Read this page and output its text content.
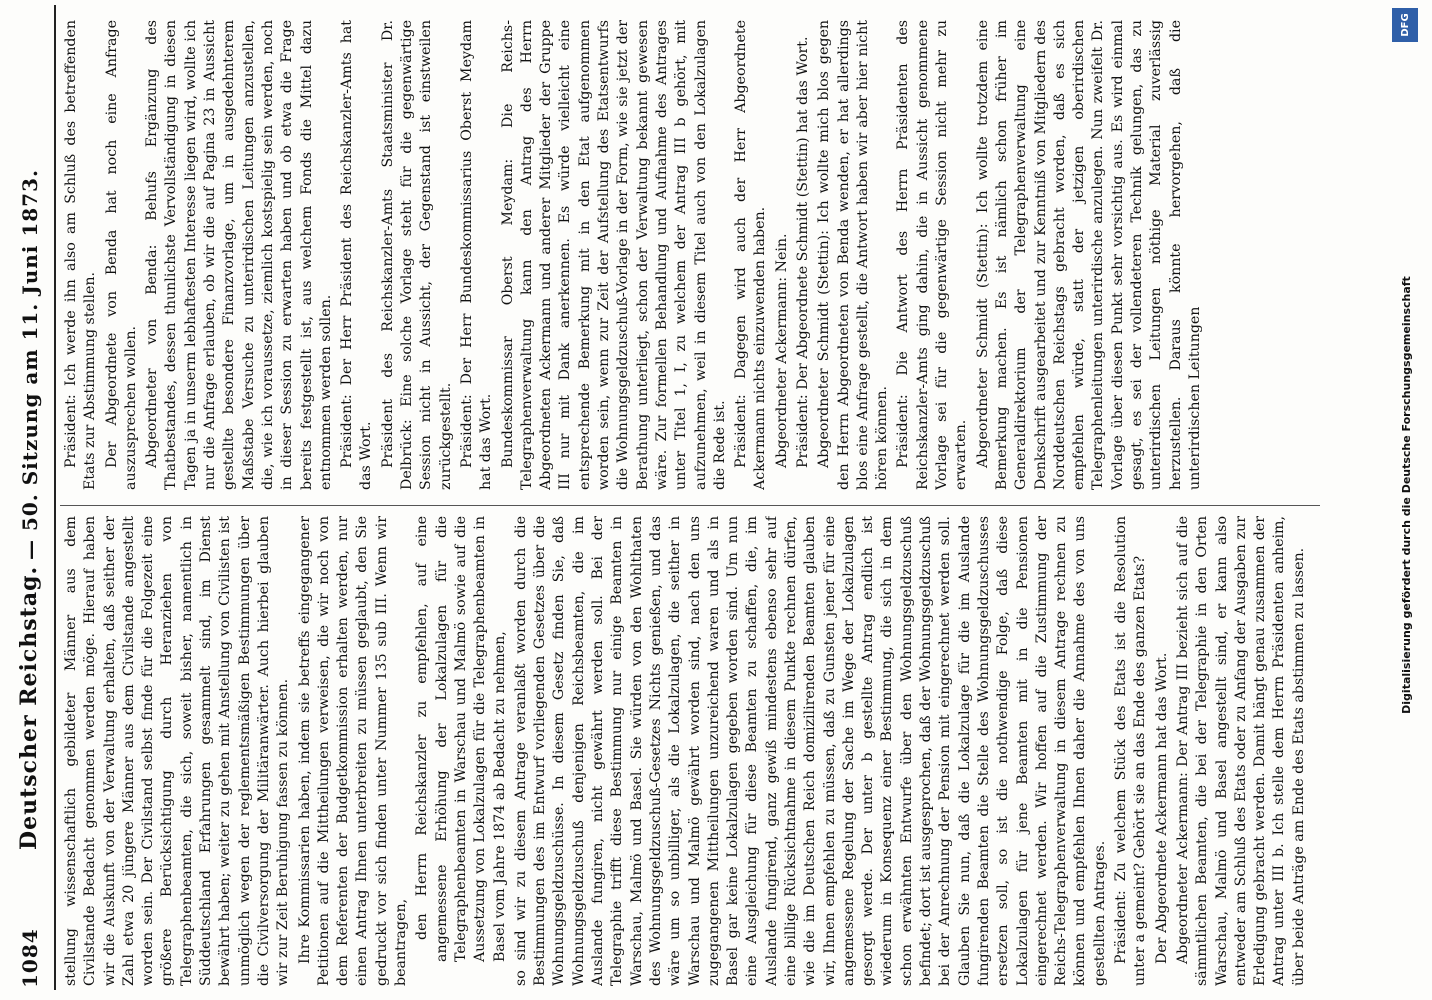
1084
Deutscher Reichstag.
— 50. Sitzung am 11. Juni 1873.

stellung wissenschaftlich gebildeter Männer aus dem Civilstande Bedacht genommen werden möge. Hierauf haben wir die Auskunft von der Verwaltung erhalten, daß seither der Zahl etwa 20 jüngere Männer aus dem Civilstande angestellt worden sein. Der Civilstand selbst finde für die Folgezeit eine größere Berücksichtigung durch Heranziehen von Telegraphenbeamten, die sich, soweit bisher, namentlich in Süddeutschland Erfahrungen gesammelt sind, im Dienst bewährt haben; weiter zu gehen mit Anstellung von Civilisten ist unmöglich wegen der reglementsmäßigen Bestimmungen über die Civilversorgung der Militäranwärter. Auch hierbei glauben wir zur Zeit Beruhigung fassen zu können. Ihre Kommissarien haben, indem sie betreffs eingegangener Petitionen auf die Mittheilungen verweisen, die wir noch von dem Referenten der Budgetkommission erhalten werden, nur einen Antrag Ihnen unterbreiten zu müssen geglaubt, den Sie gedruckt vor sich finden unter Nummer 135 sub III. Wenn wir beantragen,

den Herrn Reichskanzler zu empfehlen, auf eine angemessene Erhöhung der Lokalzulagen für die Telegraphenbeamten in Warschau und Malmö sowie auf die Aussetzung von Lokalzulagen für die Telegraphenbeamten in Basel vom Jahre 1874 ab Bedacht zu nehmen, so sind wir zu diesem Antrage veranlaßt worden durch die Bestimmungen des im Entwurf vorliegenden Gesetzes über die Wohnungsgeldzuschüsse. In diesem Gesetz finden Sie, daß Wohnungsgeldzuschuß denjenigen Reichsbeamten, die im Auslande fungiren, nicht gewährt werden soll. Bei der Telegraphie trifft diese Bestimmung nur einige Beamten in Warschau, Malmö und Basel. Sie würden von den Wohlthaten des Wohnungsgeldzuschuß-Gesetzes Nichts genießen, und das wäre um so unbilliger, als die Lokalzulagen, die seither in Warschau und Malmö gewährt worden sind, nach den uns zugegangenen Mittheilungen unzureichend waren und als in Basel gar keine Lokalzulagen gegeben worden sind. Um nun eine Ausgleichung für diese Beamten zu schaffen, die, im Auslande fungirend, ganz gewiß mindestens ebenso sehr auf eine billige Rücksichtnahme in diesem Punkte rechnen dürfen, wie die im Deutschen Reich domizilirenden Beamten glauben wir, Ihnen empfehlen zu müssen, daß zu Gunsten jener für eine angemessene Regelung der Sache im Wege der Lokalzulagen gesorgt werde. Der unter b gestellte Antrag endlich ist wiederum in Konsequenz einer Bestimmung, die sich in dem schon erwähnten Entwurfe über den Wohnungsgeldzuschuß befindet; dort ist ausgesprochen, daß der Wohnungsgeldzuschuß bei der Anrechnung der Pension mit eingerechnet werden soll. Glauben Sie nun, daß die Lokalzulage für die im Auslande fungirenden Beamten die Stelle des Wohnungsgeldzuschusses ersetzen soll, so ist die nothwendige Folge, daß diese Lokalzulagen für jene Beamten mit in die Pensionen eingerechnet werden. Wir hoffen auf die Zustimmung der Reichs-Telegraphenverwaltung in diesem Antrage rechnen zu können und empfehlen Ihnen daher die Annahme des von uns gestellten Antrages. Präsident: Zu welchem Stück des Etats ist die Resolution unter a gemeint? Gehört sie an das Ende des ganzen Etats? Der Abgeordnete Ackermann hat das Wort. Abgeordneter Ackermann: Der Antrag III bezieht sich auf die sämmtlichen Beamten, die bei der Telegraphie in den Orten Warschau, Malmö und Basel angestellt sind, er kann also entweder am Schluß des Etats oder zu Anfang der Ausgaben zur Erledigung gebracht werden. Damit hängt genau zusammen der Antrag unter III b. Ich stelle dem Herrn Präsidenten anheim, über beide Anträge am Ende des Etats abstimmen zu lassen.

Präsident: Ich werde ihn also am Schluß des betreffenden Etats zur Abstimmung stellen. Der Abgeordnete von Benda hat noch eine Anfrage auszusprechen wollen. Abgeordneter von Benda: Behufs Ergänzung des Thatbestandes, dessen thunlichste Vervollständigung in diesen Tagen ja in unserm lebhaftesten Interesse liegen wird, wollte ich nur die Anfrage erlauben, ob wir die auf Pagina 23 in Aussicht gestellte besondere Finanzvorlage, um in ausgedehnterem Maßstabe Versuche zu unterirdischen Leitungen anzustellen, die, wie ich voraussetze, ziemlich kostspielig sein werden, noch in dieser Session zu erwarten haben und ob etwa die Frage bereits festgestellt ist, aus welchem Fonds die Mittel dazu entnommen werden sollen. Präsident: Der Herr Präsident des Reichskanzler-Amts hat das Wort. Präsident des Reichskanzler-Amts Staatsminister Dr. Delbrück: Eine solche Vorlage steht für die gegenwärtige Session nicht in Aussicht, der Gegenstand ist einstweilen zurückgestellt. Präsident: Der Herr Bundeskommissarius Oberst Meydam hat das Wort. Bundeskommissar Oberst Meydam: Die Reichs-Telegraphenverwaltung kann den Antrag des Herrn Abgeordneten Ackermann und anderer Mitglieder der Gruppe III nur mit Dank anerkennen. Es würde vielleicht eine entsprechende Bemerkung mit in den Etat aufgenommen worden sein, wenn zur Zeit der Aufstellung des Etatsentwurfs die Wohnungsgeldzuschuß-Vorlage in der Form, wie sie jetzt der Berathung unterliegt, schon der Verwaltung bekannt gewesen wäre. Zur formellen Behandlung und Aufnahme des Antrages unter Titel 1, I, zu welchem der Antrag III b gehört, mit aufzunehmen, weil in diesem Titel auch von den Lokalzulagen die Rede ist. Präsident: Dagegen wird auch der Herr Abgeordnete Ackermann nichts einzuwenden haben. Abgeordneter Ackermann: Nein. Präsident: Der Abgeordnete Schmidt (Stettin) hat das Wort. Abgeordneter Schmidt (Stettin): Ich wollte mich blos gegen den Herrn Abgeordneten von Benda wenden, er hat allerdings blos eine Anfrage gestellt, die Antwort haben wir aber hier nicht hören können. Präsident: Die Antwort des Herrn Präsidenten des Reichskanzler-Amts ging dahin, die in Aussicht genommene Vorlage sei für die gegenwärtige Session nicht mehr zu erwarten. Abgeordneter Schmidt (Stettin): Ich wollte trotzdem eine Bemerkung machen. Es ist nämlich schon früher im Generaldirektorium der Telegraphenverwaltung eine Denkschrift ausgearbeitet und zur Kenntniß von Mitgliedern des Norddeutschen Reichstags gebracht worden, daß es sich empfehlen würde, statt der jetzigen oberirdischen Telegraphenleitungen unterirdische anzulegen. Nun zweifelt Dr. Vorlage über diesen Punkt sehr vorsichtig aus. Es wird einmal gesagt, es sei der vollendeteren Technik gelungen, das zu unterirdischen Leitungen nöthige Material zuverlässig herzustellen. Daraus könnte hervorgehen, daß die unterirdischen Leitungen	Digitalisierung gefördert durch die Deutsche Forschungsgemeinschaft
DFG
